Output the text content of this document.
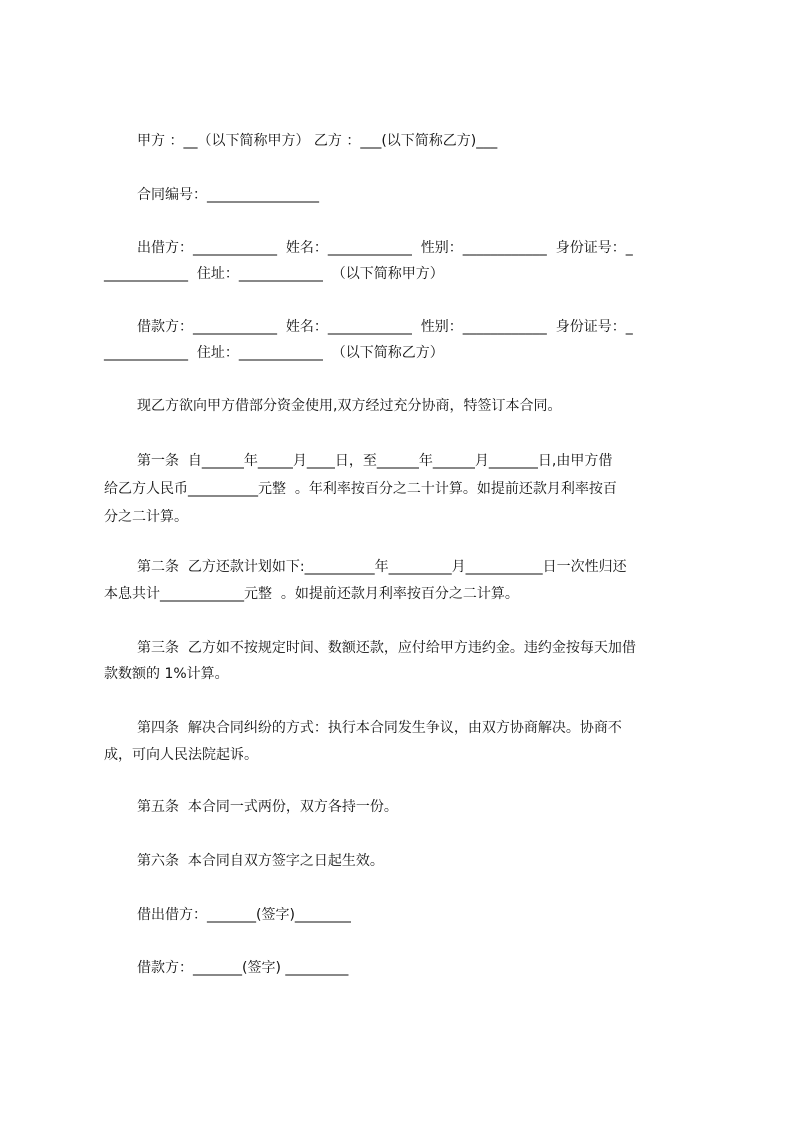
甲方 ：__（以下简称甲方） 乙方 ：___(以下简称乙方)___
合同编号：________________
出借方：____________  姓名：____________  性别：____________  身份证号：_
____________  住址：____________  （以下简称甲方）
借款方：____________  姓名：____________  性别：____________  身份证号：_
____________  住址：____________  （以下简称乙方）
现乙方欲向甲方借部分资金使用,双方经过充分协商，特签订本合同。
第一条  自______年_____月____日，至______年______月_______日,由甲方借
给乙方人民币__________元整  。年利率按百分之二十计算。如提前还款月利率按百
分之二计算。
第二条  乙方还款计划如下:__________年_________月___________日一次性归还
本息共计____________元整  。如提前还款月利率按百分之二计算。
第三条  乙方如不按规定时间、数额还款，应付给甲方违约金。违约金按每天加借
款数额的 1%计算。
第四条  解决合同纠纷的方式：执行本合同发生争议，由双方协商解决。协商不
成，可向人民法院起诉。
第五条  本合同一式两份，双方各持一份。
第六条  本合同自双方签字之日起生效。
借出借方：_______(签字)________
借款方：_______(签字) _________
